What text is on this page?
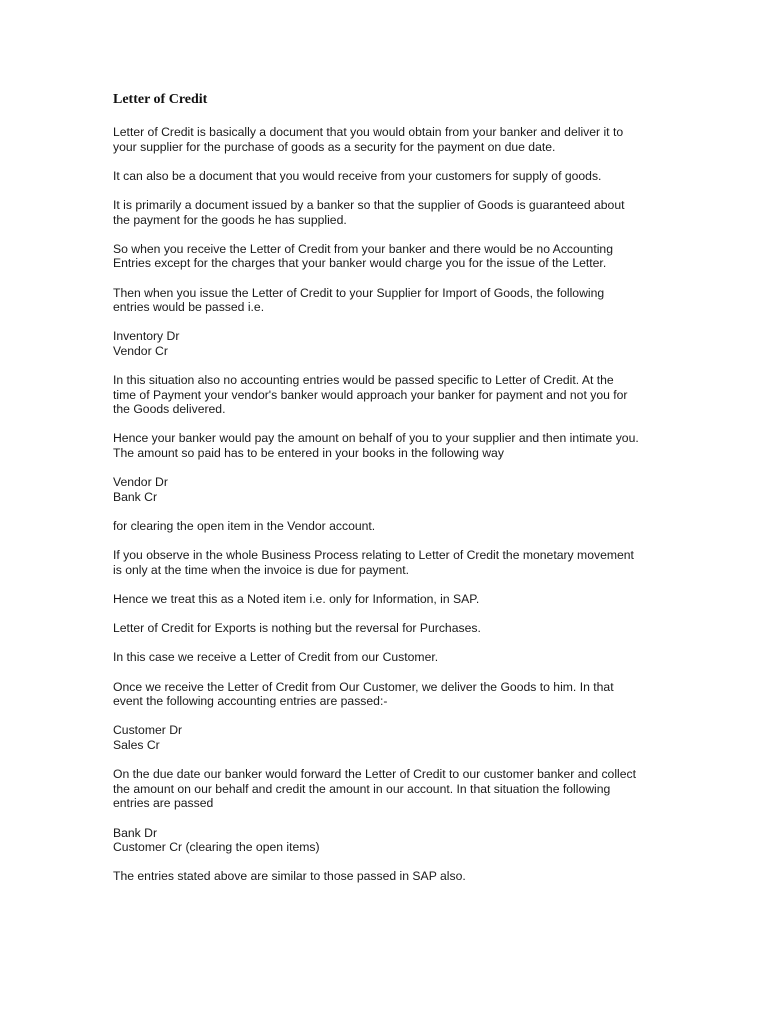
Letter of Credit
Letter of Credit is basically a document that you would obtain from your banker and deliver it to
your supplier for the purchase of goods as a security for the payment on due date.
It can also be a document that you would receive from your customers for supply of goods.
It is primarily a document issued by a banker so that the supplier of Goods is guaranteed about
the payment for the goods he has supplied.
So when you receive the Letter of Credit from your banker and there would be no Accounting
Entries except for the charges that your banker would charge you for the issue of the Letter.
Then when you issue the Letter of Credit to your Supplier for Import of Goods, the following
entries would be passed i.e.
Inventory Dr
Vendor Cr
In this situation also no accounting entries would be passed specific to Letter of Credit. At the
time of Payment your vendor's banker would approach your banker for payment and not you for
the Goods delivered.
Hence your banker would pay the amount on behalf of you to your supplier and then intimate you.
The amount so paid has to be entered in your books in the following way
Vendor Dr
Bank Cr
for clearing the open item in the Vendor account.
If you observe in the whole Business Process relating to Letter of Credit the monetary movement
is only at the time when the invoice is due for payment.
Hence we treat this as a Noted item i.e. only for Information, in SAP.
Letter of Credit for Exports is nothing but the reversal for Purchases.
In this case we receive a Letter of Credit from our Customer.
Once we receive the Letter of Credit from Our Customer, we deliver the Goods to him. In that
event the following accounting entries are passed:-
Customer Dr
Sales Cr
On the due date our banker would forward the Letter of Credit to our customer banker and collect
the amount on our behalf and credit the amount in our account. In that situation the following
entries are passed
Bank Dr
Customer Cr (clearing the open items)
The entries stated above are similar to those passed in SAP also.
